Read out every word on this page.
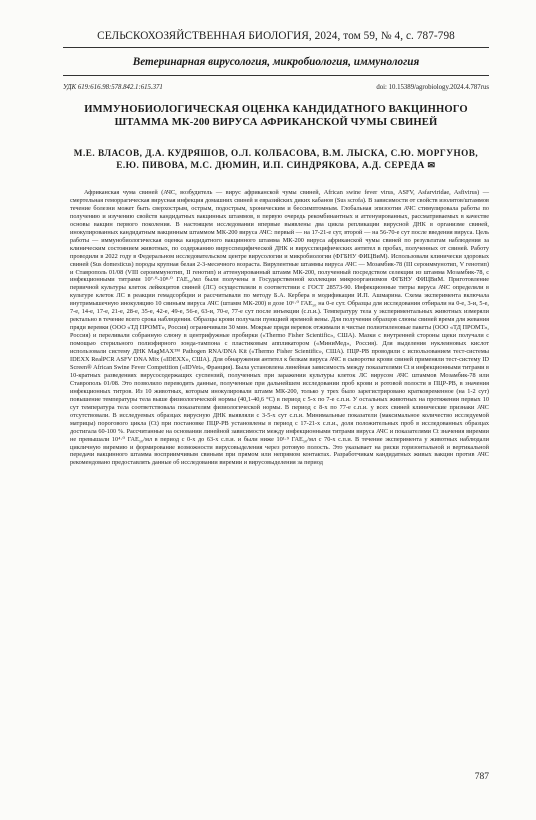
СЕЛЬСКОХОЗЯЙСТВЕННАЯ БИОЛОГИЯ, 2024, том 59, № 4, с. 787-798
Ветеринарная вирусология, микробиология, иммунология
УДК 619:616.98:578.842.1:615.371	doi: 10.15389/agrobiology.2024.4.787rus
ИММУНОБИОЛОГИЧЕСКАЯ ОЦЕНКА КАНДИДАТНОГО ВАКЦИННОГО ШТАММА МК-200 ВИРУСА АФРИКАНСКОЙ ЧУМЫ СВИНЕЙ
М.Е. ВЛАСОВ, Д.А. КУДРЯШОВ, О.Л. КОЛБАСОВА, В.М. ЛЫСКА, С.Ю. МОРГУНОВ, Е.Ю. ПИВОВА, М.С. ДЮМИН, И.П. СИНДРЯКОВА, А.Д. СЕРЕДА ✉

Африканская чума свиней (АЧС, возбудитель — вирус африканской чумы свиней, African swine fever virus, ASFV, Asfarviridae, Asfivirus) — смертельная геморрагическая вирусная инфекция домашних свиней и евразийских диких кабанов (Sus scrofa). В зависимости от свойств изолятов/штаммов течение болезни может быть сверхострым, острым, подострым, хроническим и бессимптомным. Глобальная эпизоотия АЧС стимулировала работы по получению и изучению свойств кандидатных вакцинных штаммов, в первую очередь рекомбинантных и аттенуированных, рассматриваемых в качестве основы вакцин первого поколения. В настоящем исследовании впервые выявлены два цикла репликации вирусной ДНК в организме свиней, инокулированных кандидатным вакцинным штаммом МК-200 вируса АЧС: первый — на 17-21-е сут, второй — на 56-70-е сут после введения вируса. Цель работы — иммунобиологическая оценка кандидатного вакцинного штамма МК-200 вируса африканской чумы свиней по результатам наблюдения за клиническим состоянием животных, по содержанию вирусспецифической ДНК и вирусспецифических антител в пробах, полученных от свиней. Работу проводили в 2022 году в Федеральном исследовательском центре вирусологии и микробиологии (ФГБНУ ФИЦВиМ). Использовали клинически здоровых свиней (Sus domesticus) породы крупная белая 2-3-месячного возраста. Вирулентные штаммы вируса АЧС — Мозамбик-78 (III сероиммунотип, V генотип) и Ставрополь 01/08 (VIII сероиммунотип, II генотип) и аттенуированный штамм МК-200, полученный посредством селекции из штамма Мозамбик-78, с инфекционными титрами 10⁷·⁰-10⁸·⁰ ГАЕ₅₀/мл были получены в Государственной коллекции микроорганизмов ФГБНУ ФИЦВиМ. Приготовление первичной культуры клеток лейкоцитов свиней (ЛС) осуществляли в соответствии с ГОСТ 28573-90. Инфекционные титры вируса АЧС определяли в культуре клеток ЛС в реакции гемадсорбции и рассчитывали по методу Б.А. Кербера в модификации И.П. Ашмарина. Схема эксперимента включала внутримышечную инокуляцию 10 свиньям вируса АЧС (штамм МК-200) в дозе 10⁶·⁰ ГАЕ₅₀ на 0-е сут. Образцы для исследования отбирали на 0-е, 3-и, 5-е, 7-е, 14-е, 17-е, 21-е, 28-е, 35-е, 42-е, 49-е, 56-е, 63-и, 70-е, 77-е сут после инъекции (с.п.и.). Температуру тела у экспериментальных животных измеряли ректально в течение всего срока наблюдения. Образцы крови получали пункцией яремной вены. Для получения образцов слюны свиней время для жевания пряди веревки (ООО «ТД ПРОМТ», Россия) ограничивали 30 мин. Мокрые пряди веревок отжимали в чистые полиэтиленовые пакеты (ООО «ТД ПРОМТ», Россия) и переливали собранную слюну в центрифужные пробирки («Thermo Fisher Scientific», США). Мазки с внутренней стороны щеки получали с помощью стерильного полиэфирного зонда-тампона с пластиковым аппликатором («МиниМед», Россия). Для выделения нуклеиновых кислот использовали систему ДНК MagMAX™ Pathogen RNA/DNA Kit («Thermo Fisher Scientific», США). ПЦР-РВ проводили с использованием тест-системы IDEXX RealPCR ASFV DNA Mix («IDEXX», США). Для обнаружения антител к белкам вируса АЧС в сыворотке крови свиней применяли тест-систему ID Screen® African Swine Fever Competition («IDVet», Франция). Была установлена линейная зависимость между показателями Ct и инфекционными титрами в 10-кратных разведениях вирусосодержащих суспензий, полученных при заражении культуры клеток ЛС вирусом АЧС штаммов Мозамбик-78 или Ставрополь 01/08. Это позволило переводить данные, полученные при дальнейшем исследовании проб крови и ротовой полости в ПЦР-РВ, в значения инфекционных титров. Из 10 животных, которым инокулировали штамм МК-200, только у трех было зарегистрировано кратковременное (на 1-2 сут) повышение температуры тела выше физиологической нормы (40,1-40,6 °С) в период с 5-х по 7-е с.п.и. У остальных животных на протяжении первых 10 сут температура тела соответствовала показателям физиологической нормы. В период с 8-х по 77-е с.п.и. у всех свиней клинические признаки АЧС отсутствовали. В исследуемых образцах вирусную ДНК выявляли с 3-5-х сут с.п.и. Минимальные показатели (максимальное количество исследуемой матрицы) порогового цикла (Ct) при постановке ПЦР-РВ установлены в период с 17-21-х с.п.и., доля положительных проб в исследованных образцах достигала 60-100 %. Рассчитанные на основании линейной зависимости между инфекционными титрами вируса АЧС и показателями Ct значения виремии не превышали 10⁴·⁰ ГАЕ₅₀/мл в период с 0-х до 63-х с.п.и. и были ниже 10¹·⁹ ГАЕ₅₀/мл с 70-х с.п.и. В течение эксперимента у животных наблюдали цикличную виремию и формирование возможности вирусовыделения через ротовую полость. Это указывает на риски горизонтальной и вертикальной передачи вакцинного штамма восприимчивым свиньям при прямом или непрямом контактах. Разработчикам кандидатных живых вакцин против АЧС рекомендовано предоставлять данные об исследовании виремии и вирусовыделения за период

787
